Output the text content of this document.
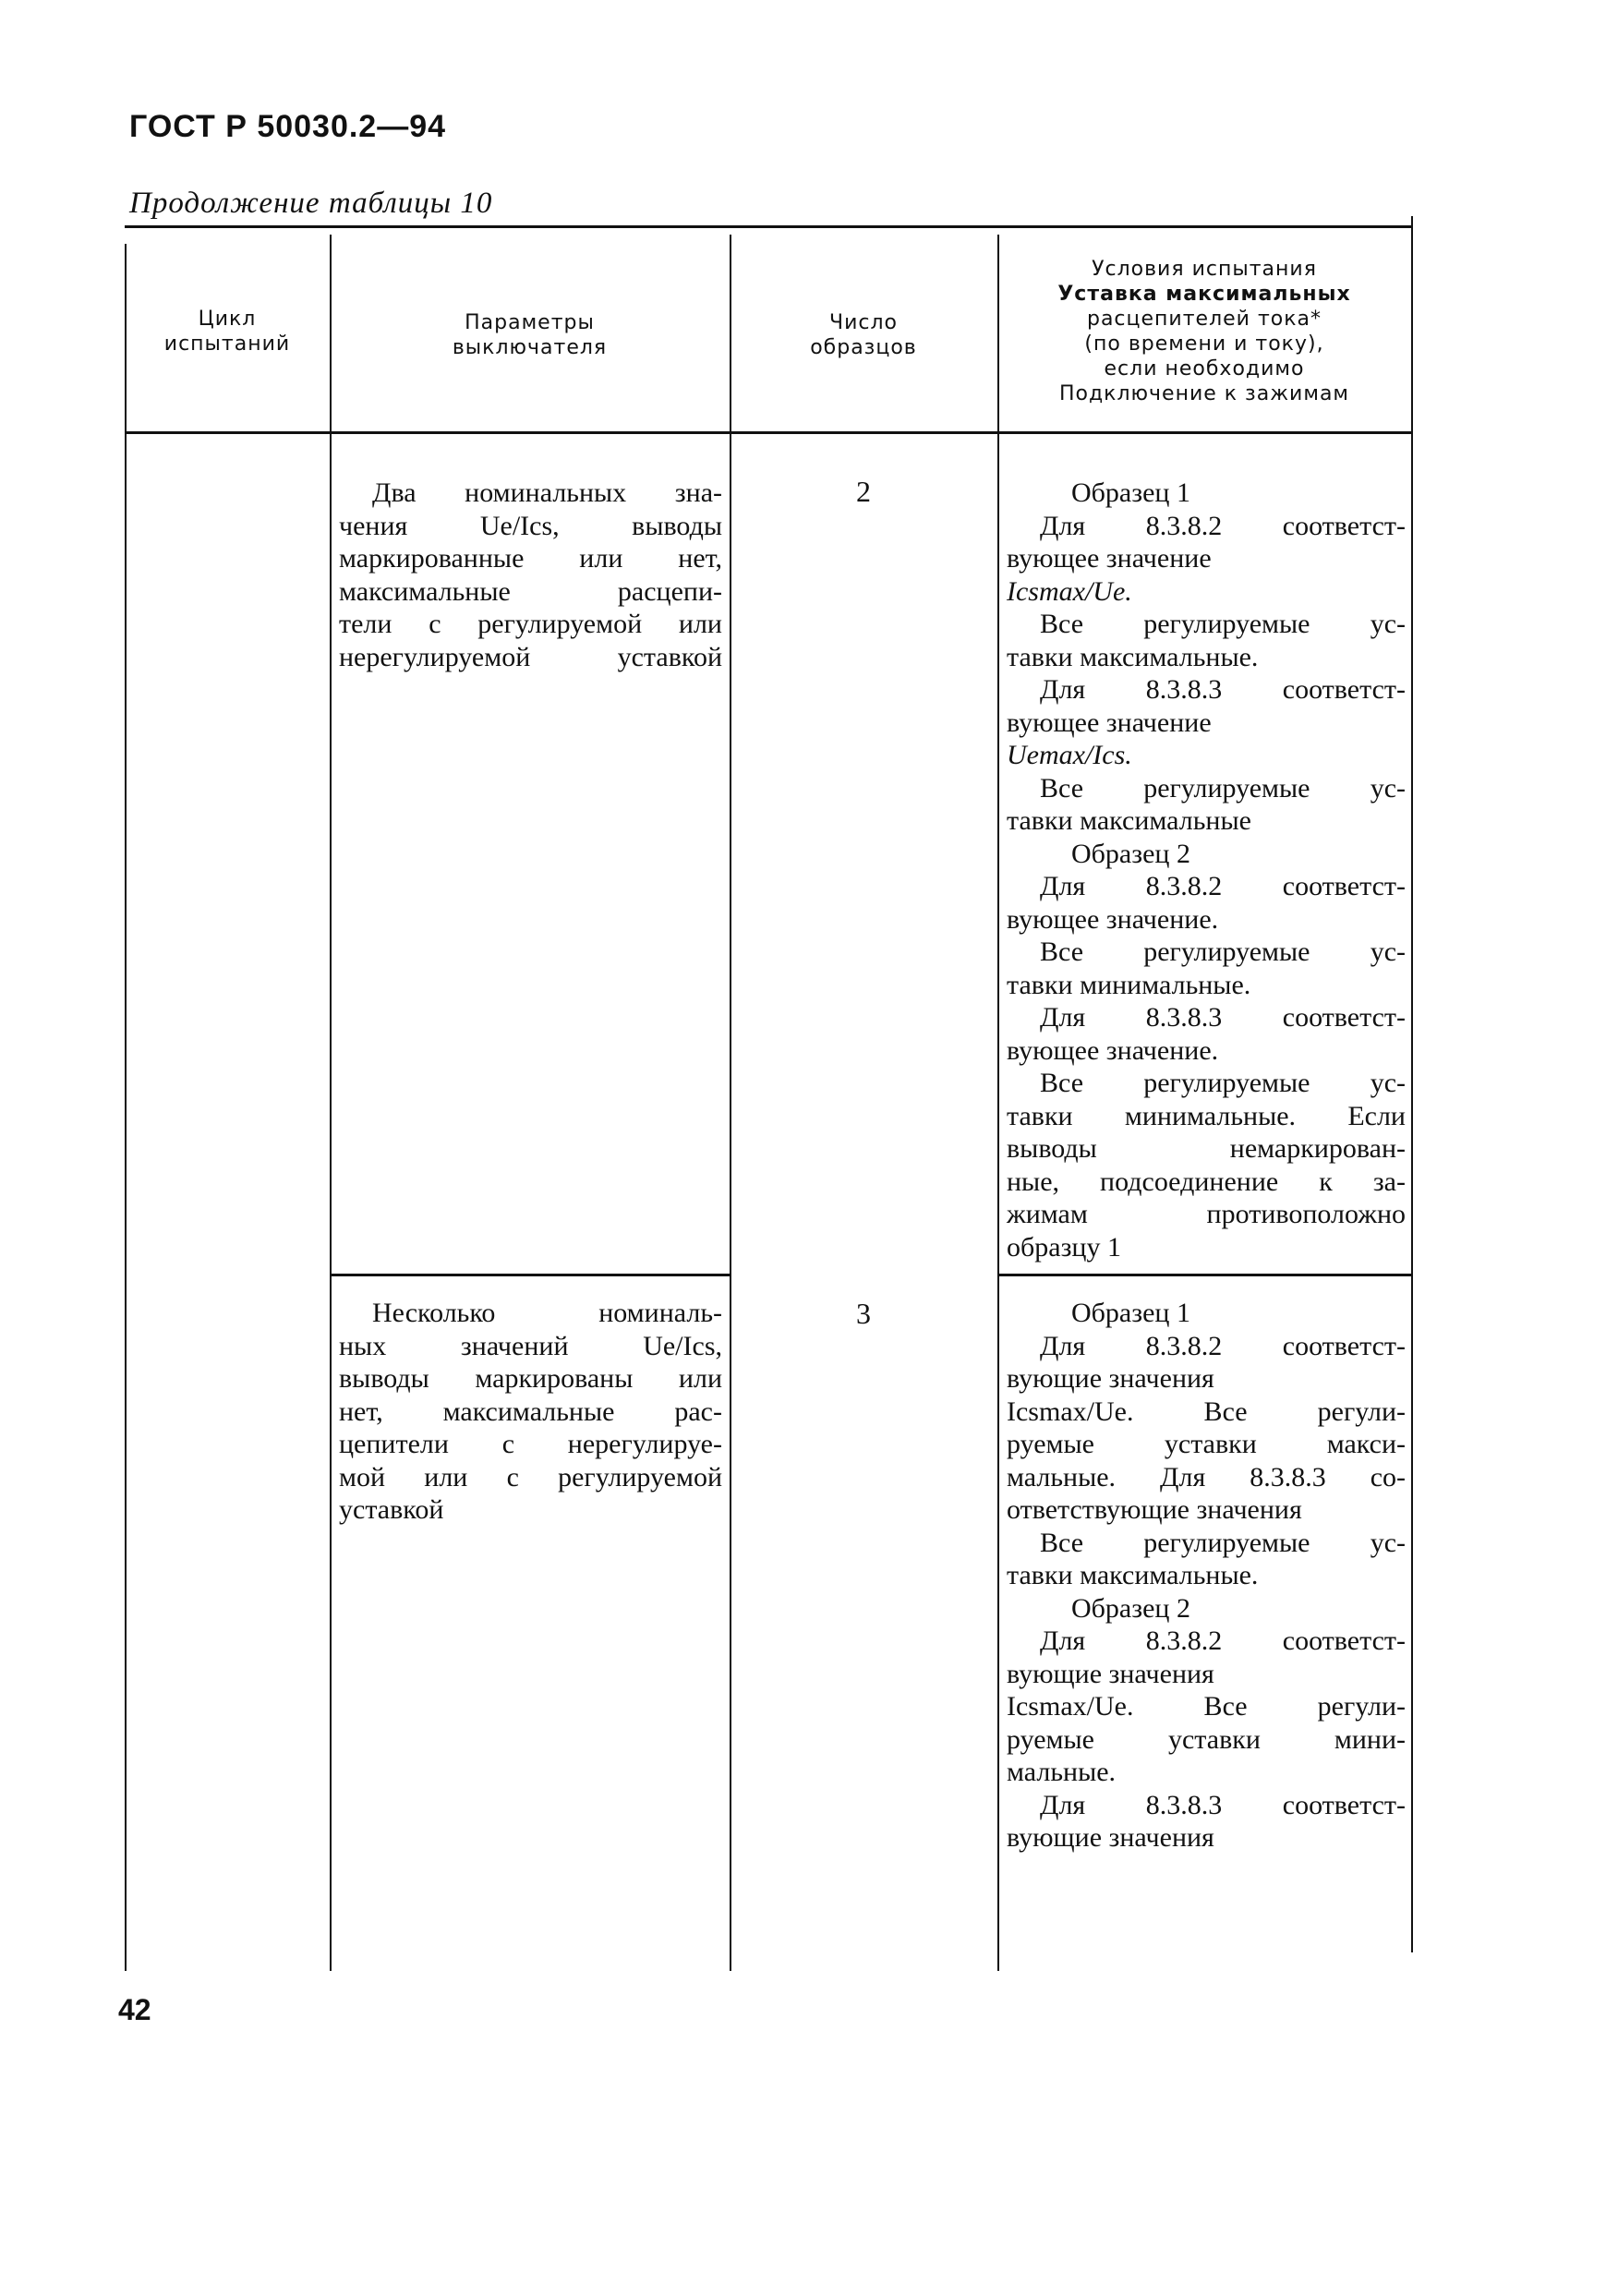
ГОСТ Р 50030.2—94
Продолжение таблицы 10
Цикл
испытаний
Параметры
выключателя
Число
образцов
Условия испытания
Уставка максимальных
расцепителей тока*
(по времени и току),
если необходимо
Подключение к зажимам
Два номинальных зна-
чения Ue/Ics, выводы
маркированные или нет,
максимальные расцепи-
тели с регулируемой или
нерегулируемой уставкой
2	Образец 1
Для 8.3.8.2 соответст-
вующее значение
Icsmax/Ue.
Все регулируемые ус-
тавки максимальные.
Для 8.3.8.3 соответст-
вующее значение
Uemax/Ics.
Все регулируемые ус-
тавки максимальные
Образец 2
Для 8.3.8.2 соответст-
вующее значение.
Все регулируемые ус-
тавки минимальные.
Для 8.3.8.3 соответст-
вующее значение.
Все регулируемые ус-
тавки минимальные. Если
выводы немаркирован-
ные, подсоединение к за-
жимам противоположно
образцу 1
Несколько номиналь-
ных значений Ue/Ics,
выводы маркированы или
нет, максимальные рас-
цепители с нерегулируе-
мой или с регулируемой
уставкой
3	Образец 1
Для 8.3.8.2 соответст-
вующие значения
Icsmax/Ue. Все регули-
руемые уставки макси-
мальные. Для 8.3.8.3 со-
ответствующие значения
Все регулируемые ус-
тавки максимальные.
Образец 2
Для 8.3.8.2 соответст-
вующие значения
Icsmax/Ue. Все регули-
руемые уставки мини-
мальные.
Для 8.3.8.3 соответст-
вующие значения
42
